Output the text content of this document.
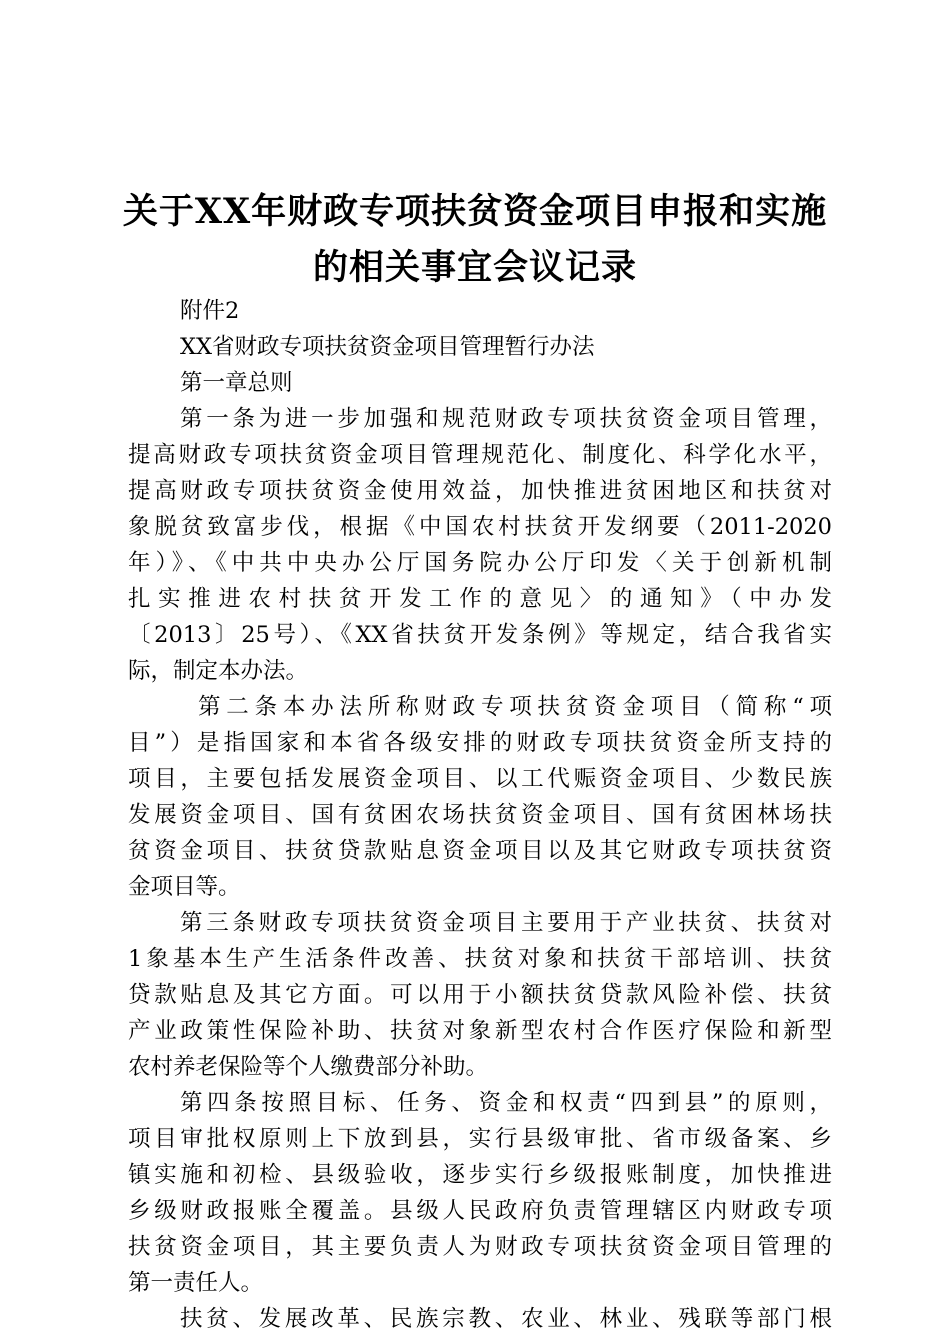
关于XX年财政专项扶贫资金项目申报和实施
的相关事宜会议记录
附件2
XX省财政专项扶贫资金项目管理暂行办法
第一章总则
第一条为进一步加强和规范财政专项扶贫资金项目管理，
提高财政专项扶贫资金项目管理规范化、制度化、科学化水平，
提高财政专项扶贫资金使用效益，加快推进贫困地区和扶贫对
象脱贫致富步伐，根据《中国农村扶贫开发纲要（2011-2020
年）》、《中共中央办公厅国务院办公厅印发〈关于创新机制
扎实推进农村扶贫开发工作的意见〉的通知》（中办发
〔2013〕25号）、《XX省扶贫开发条例》等规定，结合我省实
际，制定本办法。
第二条本办法所称财政专项扶贫资金项目（简称“项
目”）是指国家和本省各级安排的财政专项扶贫资金所支持的
项目，主要包括发展资金项目、以工代赈资金项目、少数民族
发展资金项目、国有贫困农场扶贫资金项目、国有贫困林场扶
贫资金项目、扶贫贷款贴息资金项目以及其它财政专项扶贫资
金项目等。
第三条财政专项扶贫资金项目主要用于产业扶贫、扶贫对
1象基本生产生活条件改善、扶贫对象和扶贫干部培训、扶贫
贷款贴息及其它方面。可以用于小额扶贫贷款风险补偿、扶贫
产业政策性保险补助、扶贫对象新型农村合作医疗保险和新型
农村养老保险等个人缴费部分补助。
第四条按照目标、任务、资金和权责“四到县”的原则，
项目审批权原则上下放到县，实行县级审批、省市级备案、乡
镇实施和初检、县级验收，逐步实行乡级报账制度，加快推进
乡级财政报账全覆盖。县级人民政府负责管理辖区内财政专项
扶贫资金项目，其主要负责人为财政专项扶贫资金项目管理的
第一责任人。
扶贫、发展改革、民族宗教、农业、林业、残联等部门根
